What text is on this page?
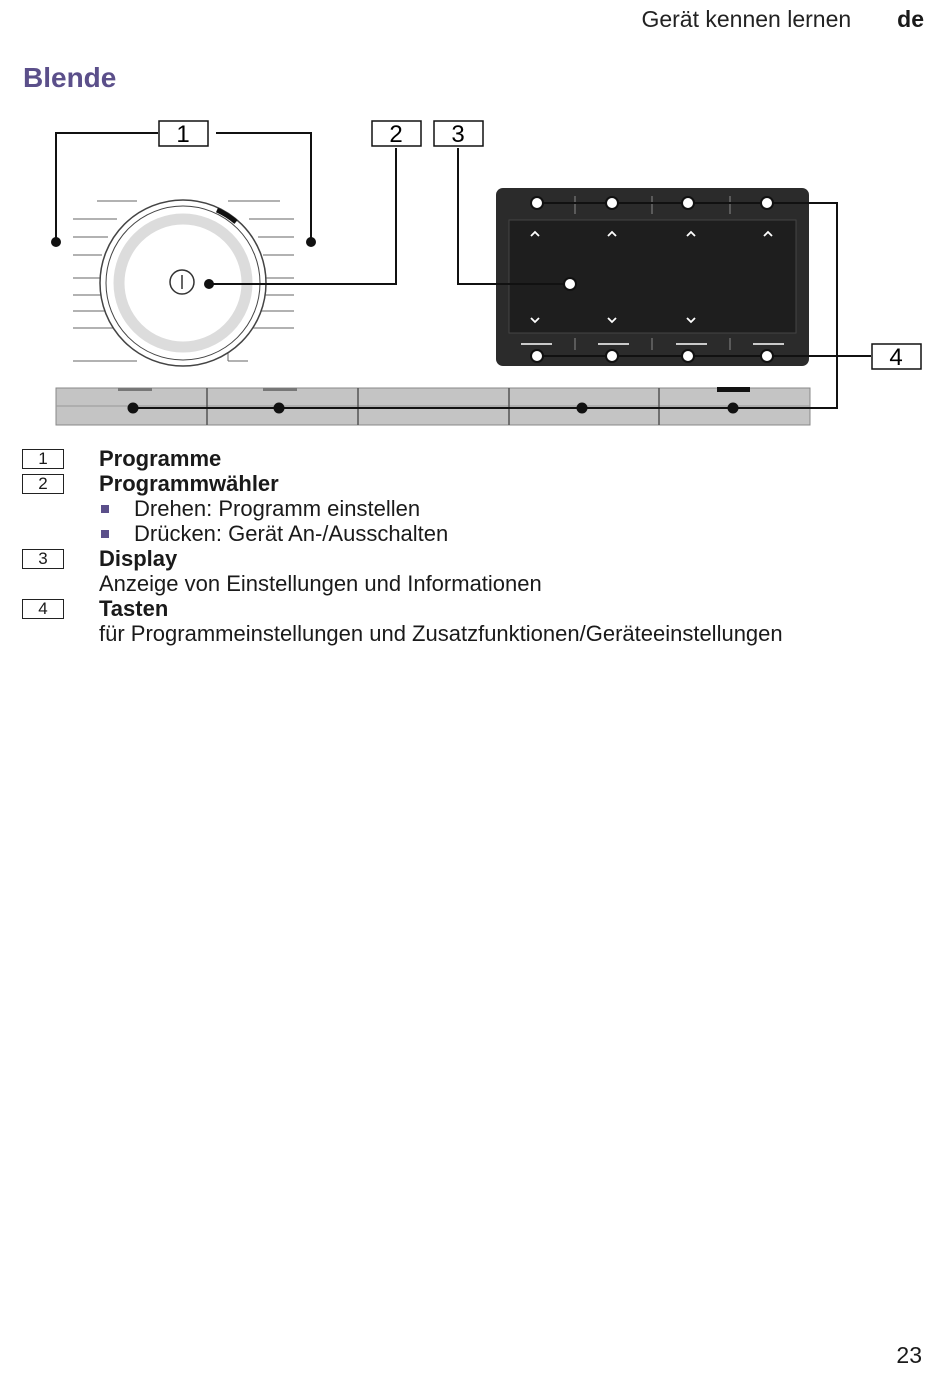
Gerät kennen lernen de
Blende
1	2 3
4
1	Programme
2	Programmwähler
Drehen: Programm einstellen
Drücken: Gerät An-/Ausschalten
3	Display
Anzeige von Einstellungen und Informationen
4	Tasten
für Programmeinstellungen und Zusatzfunktionen/Geräteeinstellungen
23
